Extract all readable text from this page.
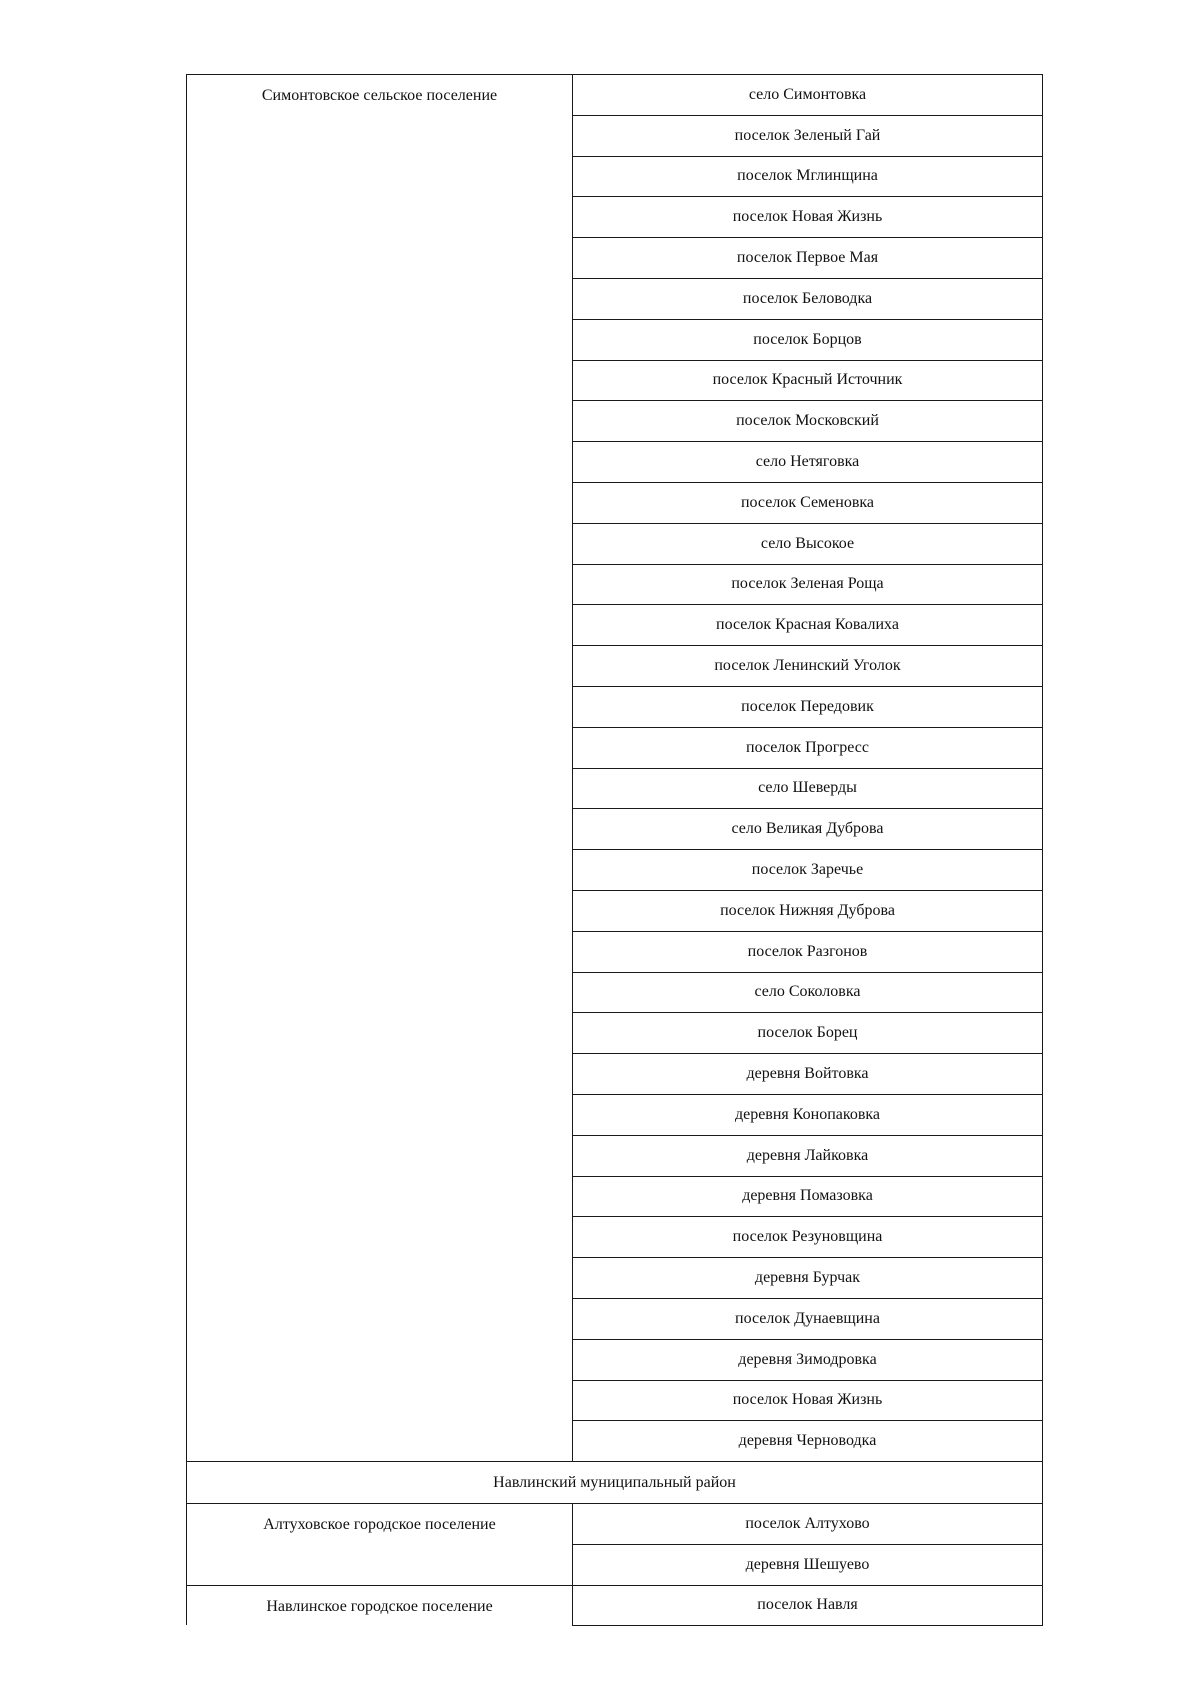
Симонтовское сельское поселение	село Симонтовка
	поселок Зеленый Гай
	поселок Мглинщина
	поселок Новая Жизнь
	поселок Первое Мая
	поселок Беловодка
	поселок Борцов
	поселок Красный Источник
	поселок Московский
	село Нетяговка
	поселок Семеновка
	село Высокое
	поселок Зеленая Роща
	поселок Красная Ковалиха
	поселок Ленинский Уголок
	поселок Передовик
	поселок Прогресс
	село Шеверды
	село Великая Дуброва
	поселок Заречье
	поселок Нижняя Дуброва
	поселок Разгонов
	село Соколовка
	поселок Борец
	деревня Войтовка
	деревня Конопаковка
	деревня Лайковка
	деревня Помазовка
	поселок Резуновщина
	деревня Бурчак
	поселок Дунаевщина
	деревня Зимодровка
	поселок Новая Жизнь
	деревня Черноводка
Навлинский муниципальный район	
Алтуховское городское поселение	поселок Алтухово
	деревня Шешуево
Навлинское городское поселение	поселок Навля
